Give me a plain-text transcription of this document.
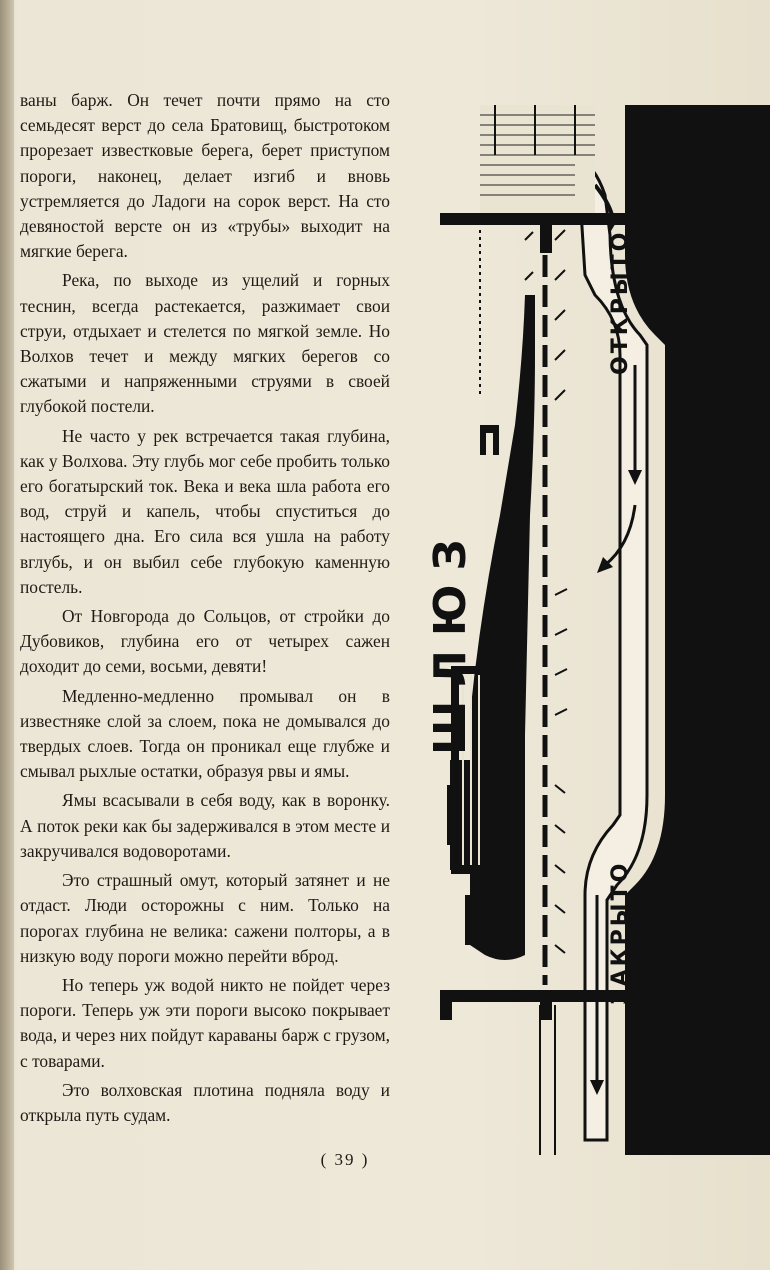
ваны барж. Он течет почти прямо на сто семьдесят верст до села Братовищ, быстротоком прорезает известковые берега, берет приступом пороги, наконец, делает изгиб и вновь устремляется до Ладоги на сорок верст. На сто девяностой версте он из «трубы» выходит на мягкие берега.

Река, по выходе из ущелий и горных теснин, всегда растекается, разжимает свои струи, отдыхает и стелется по мягкой земле. Но Волхов течет и между мягких берегов со сжатыми и напряженными струями в своей глубокой постели.

Не часто у рек встречается такая глубина, как у Волхова. Эту глубь мог себе пробить только его богатырский ток. Века и века шла работа его вод, струй и капель, чтобы спуститься до настоящего дна. Его сила вся ушла на работу вглубь, и он выбил себе глубокую каменную постель.

От Новгорода до Сольцов, от стройки до Дубовиков, глубина его от четырех сажен доходит до семи, восьми, девяти!

Медленно-медленно промывал он в известняке слой за слоем, пока не домывался до твердых слоев. Тогда он проникал еще глубже и смывал рыхлые остатки, образуя рвы и ямы.

Ямы всасывали в себя воду, как в воронку. А поток реки как бы задерживался в этом месте и закручивался водоворотами.

Это страшный омут, который затянет и не отдаст. Люди осторожны с ним. Только на порогах глубина не велика: сажени полторы, а в низкую воду пороги можно перейти вброд.

Но теперь уж водой никто не пойдет через пороги. Теперь уж эти пороги высоко покрывает вода, и через них пойдут караваны барж с грузом, с товарами.

Это волховская плотина подняла воду и открыла путь судам.

( 39 )
ШЛЮЗ
ОТКРЫТО
ЗАКРЫТО
